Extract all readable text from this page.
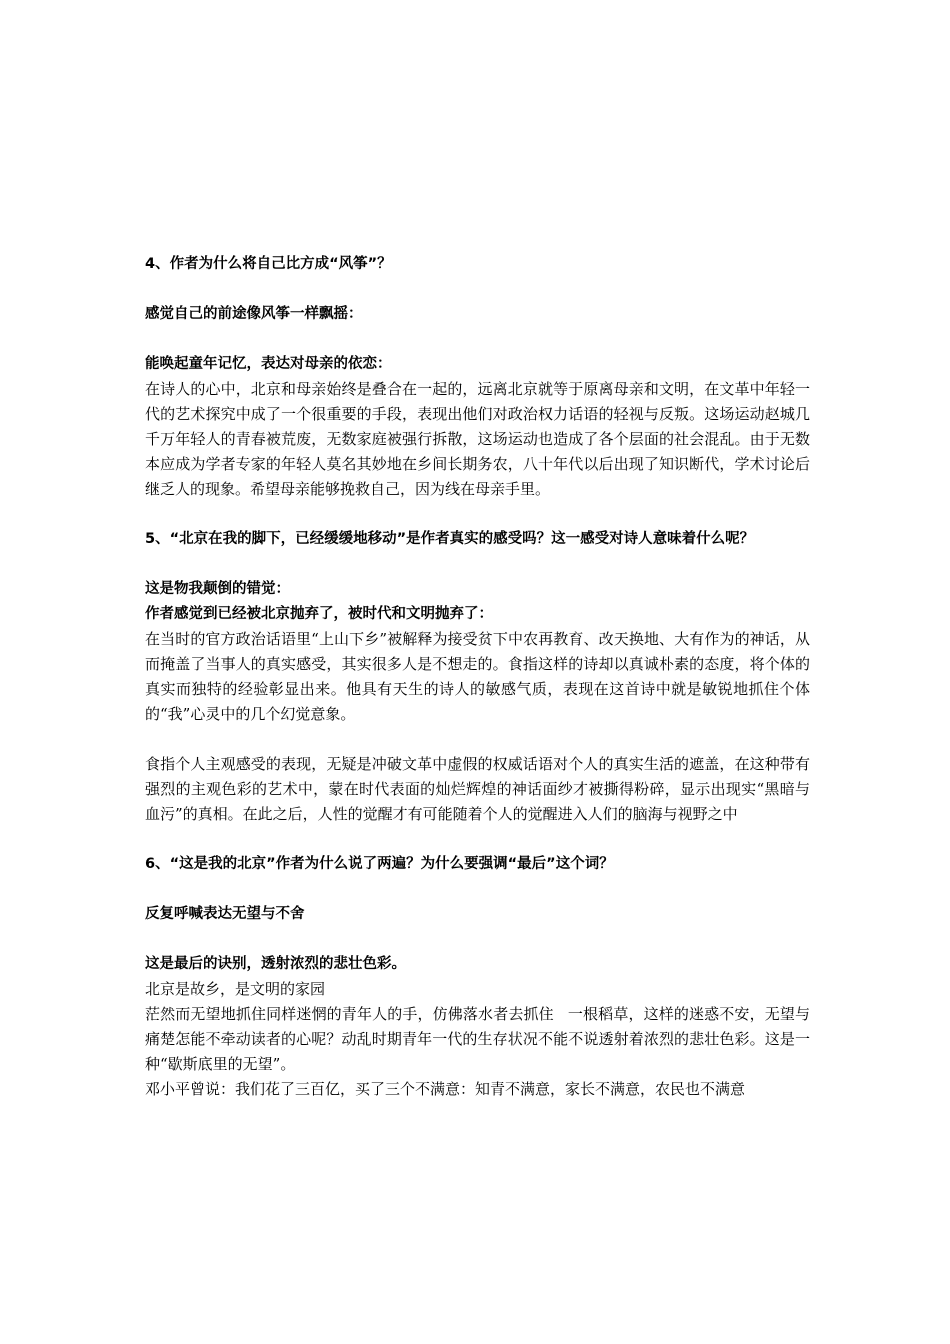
4、作者为什么将自己比方成“风筝”？

感觉自己的前途像风筝一样飘摇：

能唤起童年记忆，表达对母亲的依恋：

在诗人的心中，北京和母亲始终是叠合在一起的，远离北京就等于原离母亲和文明，在文革中年轻一代的艺术探究中成了一个很重要的手段，表现出他们对政治权力话语的轻视与反叛。这场运动赵城几千万年轻人的青春被荒废，无数家庭被强行拆散，这场运动也造成了各个层面的社会混乱。由于无数本应成为学者专家的年轻人莫名其妙地在乡间长期务农，八十年代以后出现了知识断代，学术讨论后继乏人的现象。希望母亲能够挽救自己，因为线在母亲手里。

5、“北京在我的脚下，已经缓缓地移动”是作者真实的感受吗？这一感受对诗人意味着什么呢？

这是物我颠倒的错觉：

作者感觉到已经被北京抛弃了，被时代和文明抛弃了：

在当时的官方政治话语里“上山下乡”被解释为接受贫下中农再教育、改天换地、大有作为的神话，从而掩盖了当事人的真实感受，其实很多人是不想走的。食指这样的诗却以真诚朴素的态度，将个体的真实而独特的经验彰显出来。他具有天生的诗人的敏感气质，表现在这首诗中就是敏锐地抓住个体的“我”心灵中的几个幻觉意象。

食指个人主观感受的表现，无疑是冲破文革中虚假的权威话语对个人的真实生活的遮盖，在这种带有强烈的主观色彩的艺术中，蒙在时代表面的灿烂辉煌的神话面纱才被撕得粉碎，显示出现实“黑暗与血污”的真相。在此之后，人性的觉醒才有可能随着个人的觉醒进入人们的脑海与视野之中

6、“这是我的北京”作者为什么说了两遍？为什么要强调“最后”这个词？

反复呼喊表达无望与不舍

这是最后的诀别，透射浓烈的悲壮色彩。

北京是故乡，是文明的家园

茫然而无望地抓住同样迷惘的青年人的手，仿佛落水者去抓住 一根稻草，这样的迷惑不安，无望与痛楚怎能不牵动读者的心呢？动乱时期青年一代的生存状况不能不说透射着浓烈的悲壮色彩。这是一种“歇斯底里的无望”。

邓小平曾说：我们花了三百亿，买了三个不满意：知青不满意，家长不满意，农民也不满意
